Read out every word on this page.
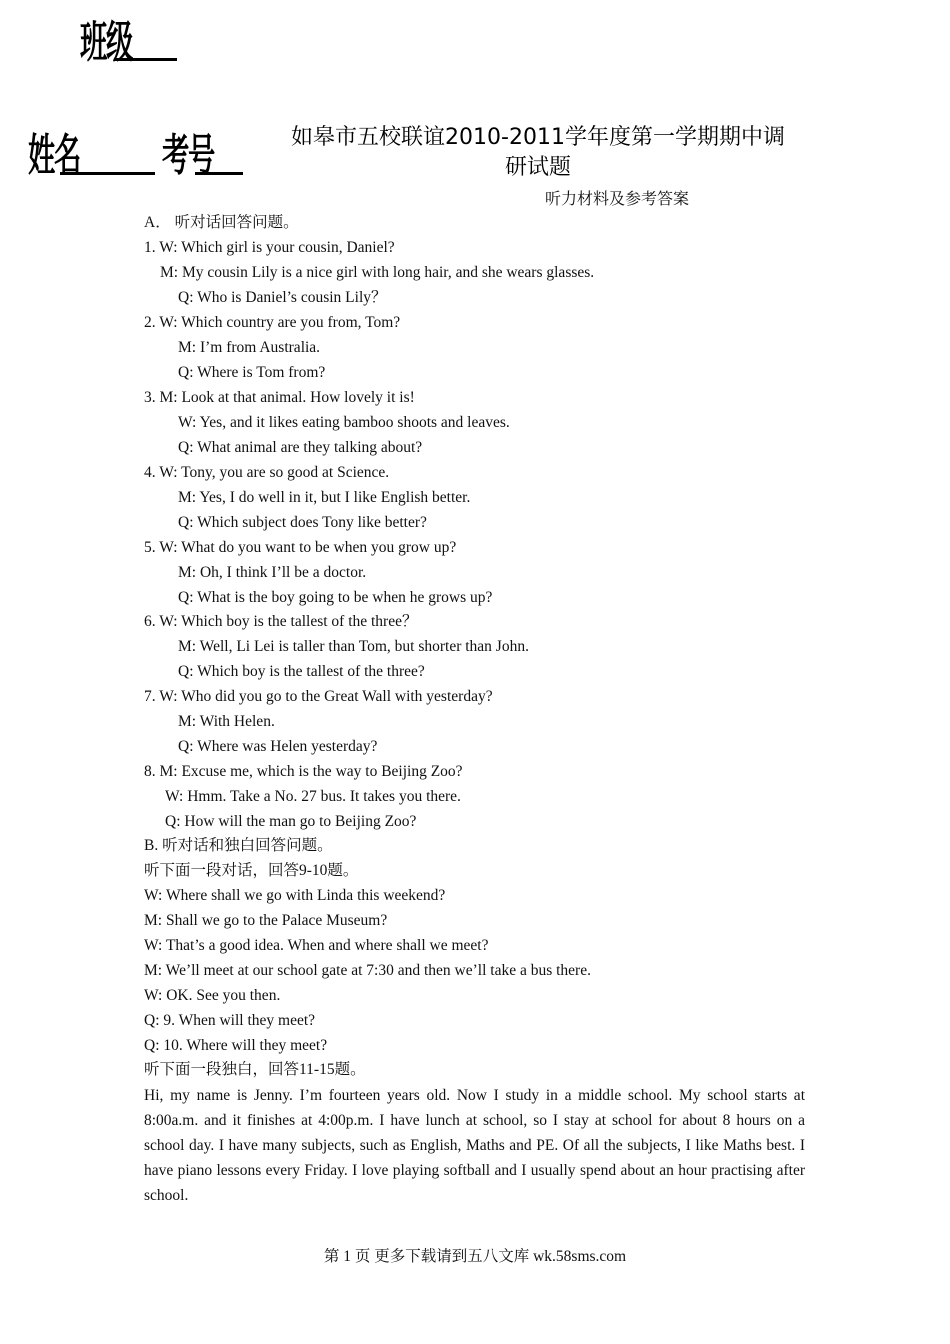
班级
姓名 考号	如皋市五校联谊2010-2011学年度第一学期期中调
研试题
听力材料及参考答案
A． 听对话回答问题。
1. W: Which girl is your cousin, Daniel?
M: My cousin Lily is a nice girl with long hair, and she wears glasses.
Q: Who is Daniel’s cousin Lily？
2. W: Which country are you from, Tom?
M: I’m from Australia.
Q: Where is Tom from?
3. M: Look at that animal. How lovely it is!
W: Yes, and it likes eating bamboo shoots and leaves.
Q: What animal are they talking about?
4. W: Tony, you are so good at Science.
M: Yes, I do well in it, but I like English better.
Q: Which subject does Tony like better?
5. W: What do you want to be when you grow up?
M: Oh, I think I’ll be a doctor.
Q: What is the boy going to be when he grows up?
6. W: Which boy is the tallest of the three？
M: Well, Li Lei is taller than Tom, but shorter than John.
Q: Which boy is the tallest of the three?
7. W: Who did you go to the Great Wall with yesterday?
M: With Helen.
Q: Where was Helen yesterday?
8. M: Excuse me, which is the way to Beijing Zoo?
W: Hmm. Take a No. 27 bus. It takes you there.
Q: How will the man go to Beijing Zoo?
B. 听对话和独白回答问题。
听下面一段对话，回答9-10题。
W: Where shall we go with Linda this weekend?
M: Shall we go to the Palace Museum?
W: That’s a good idea. When and where shall we meet?
M: We’ll meet at our school gate at 7:30 and then we’ll take a bus there.
W: OK. See you then.
Q: 9. When will they meet?
Q: 10. Where will they meet?
听下面一段独白，回答11-15题。
Hi, my name is Jenny. I’m fourteen years old. Now I study in a middle school. My school starts at 8:00a.m. and it finishes at 4:00p.m. I have lunch at school, so I stay at school for about 8 hours on a school day. I have many subjects, such as English, Maths and PE. Of all the subjects, I like Maths best. I have piano lessons every Friday. I love playing softball and I usually spend about an hour practising after school.
第 1 页 更多下载请到五八文库 wk.58sms.com
